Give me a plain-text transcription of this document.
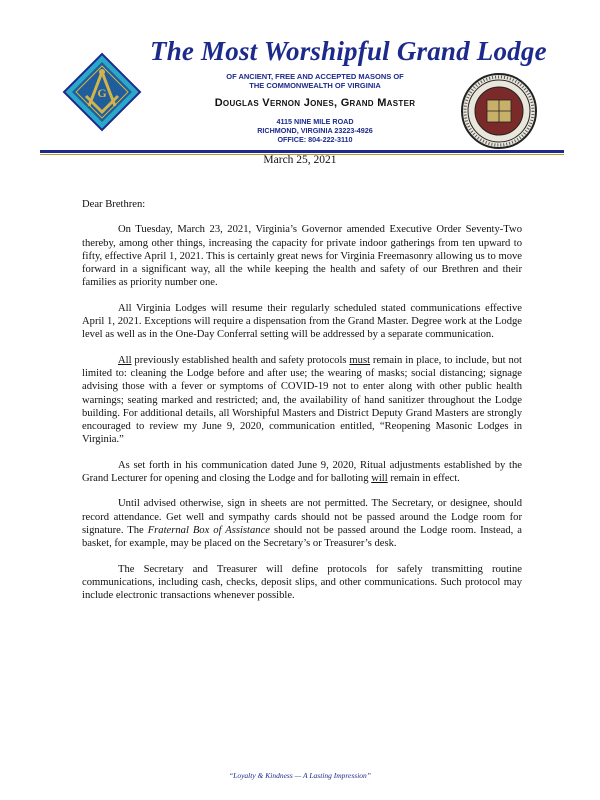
G
The Most Worshipful Grand Lodge
OF ANCIENT, FREE AND ACCEPTED MASONS OF
THE COMMONWEALTH OF VIRGINIA
Douglas Vernon Jones, Grand Master
4115 NINE MILE ROAD
RICHMOND, VIRGINIA 23223-4926
OFFICE: 804-222-3110
March 25, 2021

Dear Brethren:

On Tuesday, March 23, 2021, Virginia’s Governor amended Executive Order Seventy-Two thereby, among other things, increasing the capacity for private indoor gatherings from ten upward to fifty, effective April 1, 2021. This is certainly great news for Virginia Freemasonry allowing us to move forward in a significant way, all the while keeping the health and safety of our Brethren and their families as priority number one.

All Virginia Lodges will resume their regularly scheduled stated communications effective April 1, 2021. Exceptions will require a dispensation from the Grand Master. Degree work at the Lodge level as well as in the One-Day Conferral setting will be addressed by a separate communication.

All previously established health and safety protocols must remain in place, to include, but not limited to: cleaning the Lodge before and after use; the wearing of masks; social distancing; signage advising those with a fever or symptoms of COVID-19 not to enter along with other public health warnings; seating marked and restricted; and, the availability of hand sanitizer throughout the Lodge building. For additional details, all Worshipful Masters and District Deputy Grand Masters are strongly encouraged to review my June 9, 2020, communication entitled, “Reopening Masonic Lodges in Virginia.”

As set forth in his communication dated June 9, 2020, Ritual adjustments established by the Grand Lecturer for opening and closing the Lodge and for balloting will remain in effect.

Until advised otherwise, sign in sheets are not permitted. The Secretary, or designee, should record attendance. Get well and sympathy cards should not be passed around the Lodge room for signature. The Fraternal Box of Assistance should not be passed around the Lodge room. Instead, a basket, for example, may be placed on the Secretary’s or Treasurer’s desk.

The Secretary and Treasurer will define protocols for safely transmitting routine communications, including cash, checks, deposit slips, and other communications. Such protocol may include electronic transactions whenever possible.

“Loyalty & Kindness — A Lasting Impression”
